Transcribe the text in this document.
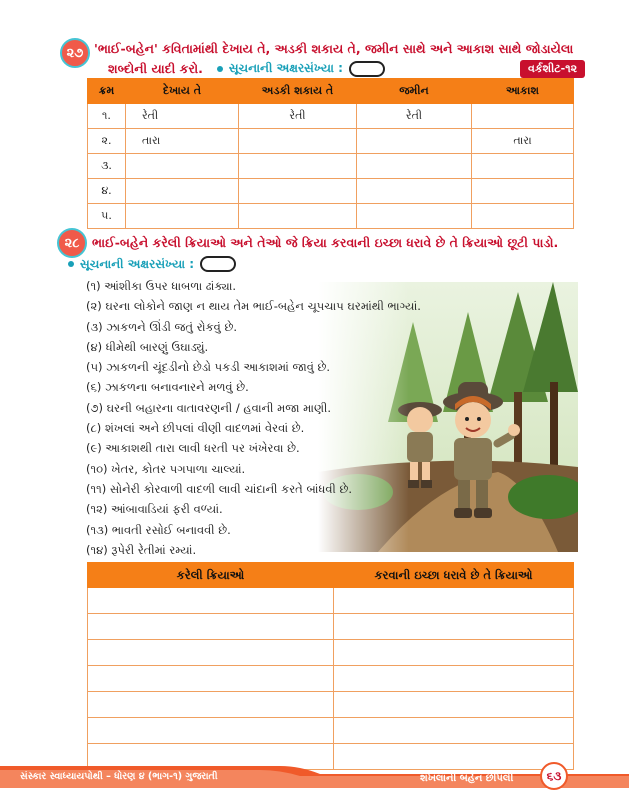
૨૭ 'ભાઈ-બહેન' કવિતામાંથી દેખાય તે, અડકી શકાય તે, જમીન સાથે અને આકાશ સાથે જોડાયેલા
શબ્દોની યાદી કરો. સૂચનાની અક્ષરસંખ્યા :	વર્કશીટ-૧૨
ક્રમ	દેખાય તે	અડકી શકાય તે	જમીન	આકાશ
૧.	રેતી	રેતી	રેતી	
૨.	તારા			તારા
૩.				
૪.				
૫.				
૨૮ ભાઈ-બહેને કરેલી ક્રિયાઓ અને તેઓ જે ક્રિયા કરવાની ઇચ્છા ધરાવે છે તે ક્રિયાઓ છૂટી પાડો.
સૂચનાની અક્ષરસંખ્યા :
(૧) આંશીકા ઉપર ધાબળા ઢાંક્યા.
(૨) ઘરના લોકોને જાણ ન થાય તેમ ભાઈ-બહેન ચૂપચાપ ઘરમાંથી ભાગ્યાં.
(૩) ઝાકળને ઊંડી જતું રોકવું છે.
(૪) ધીમેથી બારણું ઉઘાડ્યું.
(૫) ઝાકળની ચૂંદડીનો છેડો પકડી આકાશમાં જાવું છે.
(૬) ઝાકળના બનાવનારને મળવું છે.
(૭) ઘરની બહારના વાતાવરણની / હવાની મજા માણી.
(૮) શંખલાં અને છીપલાં વીણી વાદળમાં વેરવાં છે.
(૯) આકાશથી તારા લાવી ધરતી પર ખંખેરવા છે.
(૧૦) ખેતર, કોતર પગપાળા ચાલ્યાં.
(૧૧) સોનેરી કોરવાળી વાદળી લાવી ચાંદાની કરતે બાંધવી છે.
(૧૨) આંબાવાડિયાં ફરી વળ્યાં.
(૧૩) ભાવતી રસોઈ બનાવવી છે.
(૧૪) રૂપેરી રેતીમાં રમ્યાં.
કરેલી ક્રિયાઓ	કરવાની ઇચ્છા ધરાવે છે તે ક્રિયાઓ

સંસ્કાર સ્વાધ્યાયપોથી – ધોરણ ૪ (ભાગ-૧) ગુજરાતી	શંખલાની બહેન છીપલી	૬૩
